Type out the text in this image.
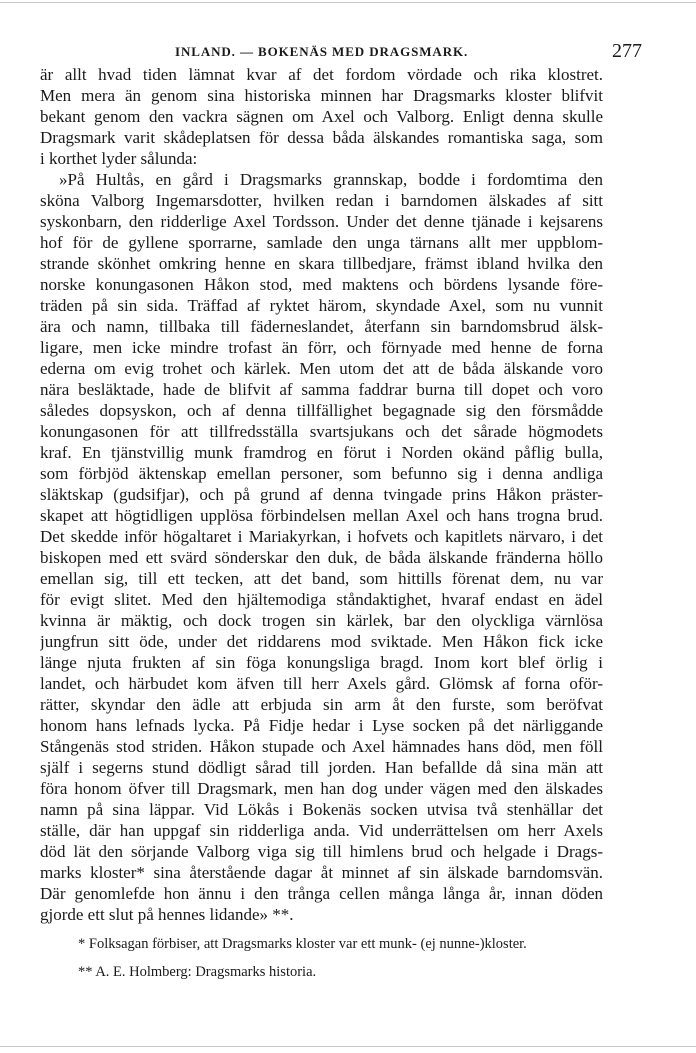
INLAND. — BOKENÄS MED DRAGSMARK.	277
är allt hvad tiden lämnat kvar af det fordom vördade och rika klostret.
Men mera än genom sina historiska minnen har Dragsmarks kloster blifvit
bekant genom den vackra sägnen om Axel och Valborg. Enligt denna skulle
Dragsmark varit skådeplatsen för dessa båda älskandes romantiska saga, som
i korthet lyder sålunda:
»På Hultås, en gård i Dragsmarks grannskap, bodde i fordomtima den
sköna Valborg Ingemarsdotter, hvilken redan i barndomen älskades af sitt
syskonbarn, den ridderlige Axel Tordsson. Under det denne tjänade i kejsarens
hof för de gyllene sporrarne, samlade den unga tärnans allt mer uppblom-
strande skönhet omkring henne en skara tillbedjare, främst ibland hvilka den
norske konungasonen Håkon stod, med maktens och bördens lysande före-
träden på sin sida. Träffad af ryktet härom, skyndade Axel, som nu vunnit
ära och namn, tillbaka till fäderneslandet, återfann sin barndomsbrud älsk-
ligare, men icke mindre trofast än förr, och förnyade med henne de forna
ederna om evig trohet och kärlek. Men utom det att de båda älskande voro
nära besläktade, hade de blifvit af samma faddrar burna till dopet och voro
således dopsyskon, och af denna tillfällighet begagnade sig den försmådde
konungasonen för att tillfredsställa svartsjukans och det sårade högmodets
kraf. En tjänstvillig munk framdrog en förut i Norden okänd påflig bulla,
som förbjöd äktenskap emellan personer, som befunno sig i denna andliga
släktskap (gudsifjar), och på grund af denna tvingade prins Håkon präster-
skapet att högtidligen upplösa förbindelsen mellan Axel och hans trogna brud.
Det skedde inför högaltaret i Mariakyrkan, i hofvets och kapitlets närvaro, i det
biskopen med ett svärd sönderskar den duk, de båda älskande fränderna höllo
emellan sig, till ett tecken, att det band, som hittills förenat dem, nu var
för evigt slitet. Med den hjältemodiga ståndaktighet, hvaraf endast en ädel
kvinna är mäktig, och dock trogen sin kärlek, bar den olyckliga värnlösa
jungfrun sitt öde, under det riddarens mod sviktade. Men Håkon fick icke
länge njuta frukten af sin föga konungsliga bragd. Inom kort blef örlig i
landet, och härbudet kom äfven till herr Axels gård. Glömsk af forna oför-
rätter, skyndar den ädle att erbjuda sin arm åt den furste, som beröfvat
honom hans lefnads lycka. På Fidje hedar i Lyse socken på det närliggande
Stångenäs stod striden. Håkon stupade och Axel hämnades hans död, men föll
själf i segerns stund dödligt sårad till jorden. Han befallde då sina män att
föra honom öfver till Dragsmark, men han dog under vägen med den älskades
namn på sina läppar. Vid Lökås i Bokenäs socken utvisa två stenhällar det
ställe, där han uppgaf sin ridderliga anda. Vid underrättelsen om herr Axels
död lät den sörjande Valborg viga sig till himlens brud och helgade i Drags-
marks kloster* sina återstående dagar åt minnet af sin älskade barndomsvän.
Där genomlefde hon ännu i den trånga cellen många långa år, innan döden
gjorde ett slut på hennes lidande» **.
* Folksagan förbiser, att Dragsmarks kloster var ett munk- (ej nunne-)kloster.
** A. E. Holmberg: Dragsmarks historia.
